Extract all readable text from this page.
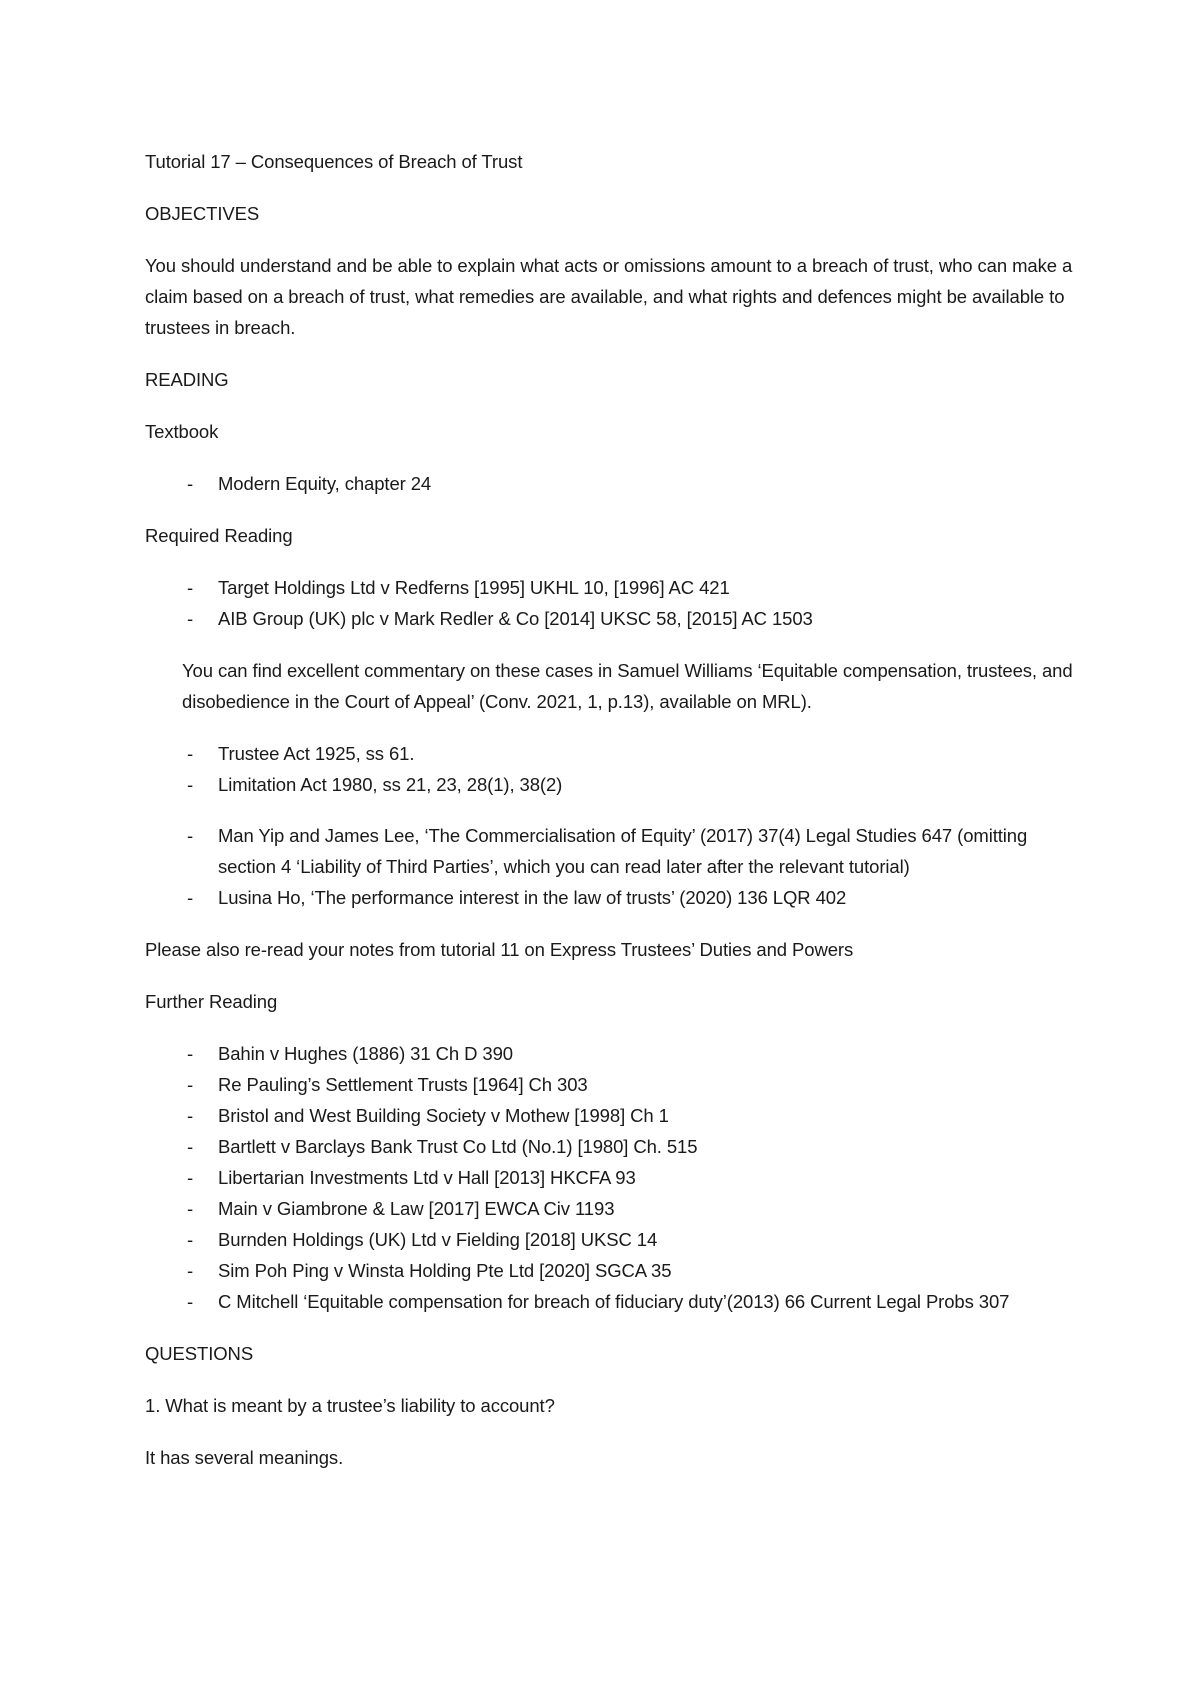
Tutorial 17 – Consequences of Breach of Trust

OBJECTIVES

You should understand and be able to explain what acts or omissions amount to a breach of trust, who can make a claim based on a breach of trust, what remedies are available, and what rights and defences might be available to trustees in breach.

READING

Textbook

- Modern Equity, chapter 24

Required Reading

- Target Holdings Ltd v Redferns [1995] UKHL 10, [1996] AC 421
- AIB Group (UK) plc v Mark Redler & Co [2014] UKSC 58, [2015] AC 1503

You can find excellent commentary on these cases in Samuel Williams ‘Equitable compensation, trustees, and disobedience in the Court of Appeal’ (Conv. 2021, 1, p.13), available on MRL).

- Trustee Act 1925, ss 61.
- Limitation Act 1980, ss 21, 23, 28(1), 38(2)
- Man Yip and James Lee, ‘The Commercialisation of Equity’ (2017) 37(4) Legal Studies 647 (omitting section 4 ‘Liability of Third Parties’, which you can read later after the relevant tutorial)
- Lusina Ho, ‘The performance interest in the law of trusts’ (2020) 136 LQR 402

Please also re-read your notes from tutorial 11 on Express Trustees’ Duties and Powers

Further Reading

- Bahin v Hughes (1886) 31 Ch D 390
- Re Pauling’s Settlement Trusts [1964] Ch 303
- Bristol and West Building Society v Mothew [1998] Ch 1
- Bartlett v Barclays Bank Trust Co Ltd (No.1) [1980] Ch. 515
- Libertarian Investments Ltd v Hall [2013] HKCFA 93
- Main v Giambrone & Law [2017] EWCA Civ 1193
- Burnden Holdings (UK) Ltd v Fielding [2018] UKSC 14
- Sim Poh Ping v Winsta Holding Pte Ltd [2020] SGCA 35
- C Mitchell ‘Equitable compensation for breach of fiduciary duty’(2013) 66 Current Legal Probs 307

QUESTIONS

1. What is meant by a trustee’s liability to account?

It has several meanings.
